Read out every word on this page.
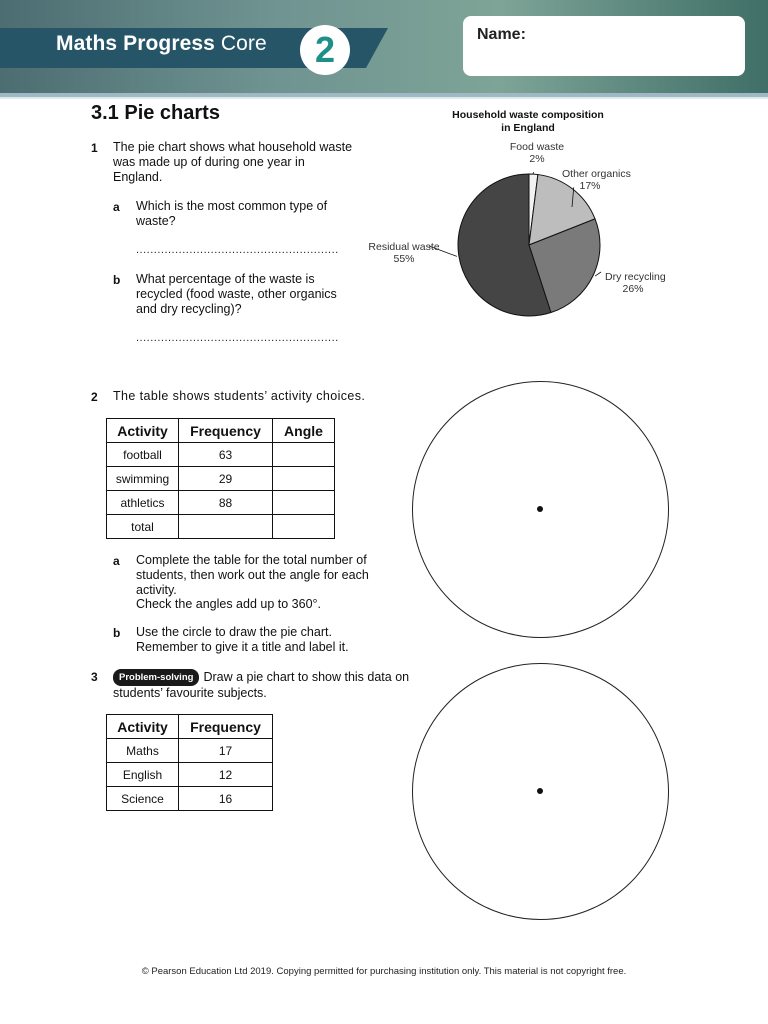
Maths Progress Core	2	Name:
3.1 Pie charts
1 The pie chart shows what household waste was made up of during one year in England.
a Which is the most common type of waste?
.........................................................
b What percentage of the waste is recycled (food waste, other organics and dry recycling)?
.........................................................
Household waste composition
in England
Food waste
2%
Other organics
17%
Dry recycling
26%
Residual waste
55%
2 The table shows students’ activity choices.
Activity	Frequency	Angle
football	63	
swimming	29	
athletics	88	
total		
a Complete the table for the total number of students, then work out the angle for each activity.
Check the angles add up to 360°.
b Use the circle to draw the pie chart.
Remember to give it a title and label it.
3	Problem-solving Draw a pie chart to show this data on students’ favourite subjects.
Activity	Frequency
Maths	17
English	12
Science	16
© Pearson Education Ltd 2019. Copying permitted for purchasing institution only. This material is not copyright free.
